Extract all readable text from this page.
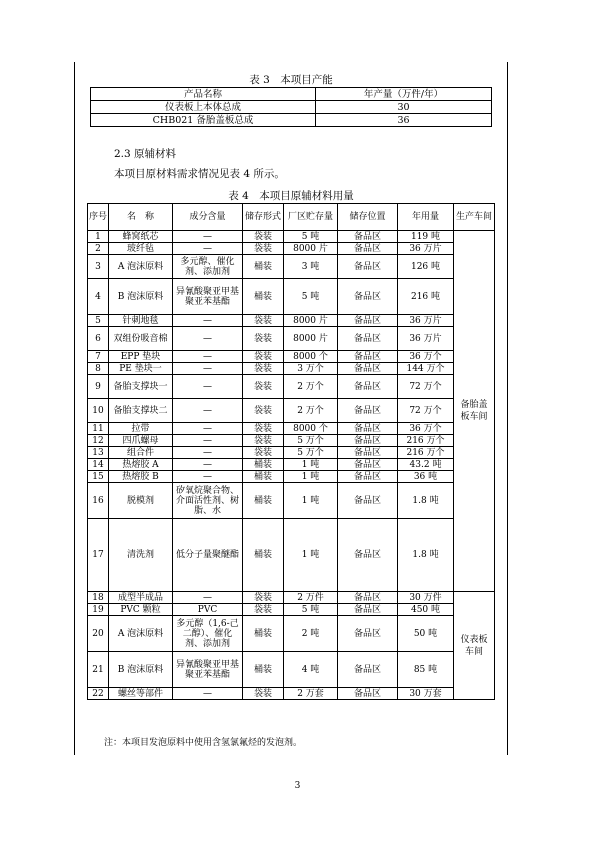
表 3　本项目产能
产品名称	年产量（万件/年）
仪表板上本体总成	30
CHB021 备胎盖板总成	36
2.3 原辅材料
本项目原材料需求情况见表 4 所示。
表 4　本项目原辅材料用量
序号	名　称	成分含量	储存形式	厂区贮存量	储存位置	年用量	生产车间	
1	蜂窝纸芯	—	袋装	5 吨	备品区	119 吨	备胎盖板车间	
2	玻纤毡	—	袋装	8000 片	备品区	36 万片		
3	A 泡沫原料	多元醇、催化剂、添加剂	桶装	3 吨	备品区	126 吨		
4	B 泡沫原料	异氰酸聚亚甲基聚亚苯基酯	桶装	5 吨	备品区	216 吨		
5	针刺地毯	—	袋装	8000 片	备品区	36 万片		
6	双组份吸音棉	—	袋装	8000 片	备品区	36 万片		
7	EPP 垫块	—	袋装	8000 个	备品区	36 万个		
8	PE 垫块一	—	袋装	3 万个	备品区	144 万个		
9	备胎支撑块一	—	袋装	2 万个	备品区	72 万个		
10	备胎支撑块二	—	袋装	2 万个	备品区	72 万个		
11	拉带	—	袋装	8000 个	备品区	36 万个		
12	四爪螺母	—	袋装	5 万个	备品区	216 万个		
13	组合件	—	袋装	5 万个	备品区	216 万个		
14	热熔胶 A	—	桶装	1 吨	备品区	43.2 吨		
15	热熔胶 B	—	桶装	1 吨	备品区	36 吨		
16	脱模剂	矽氧烷聚合物、介面活性剂、树脂、水	桶装	1 吨	备品区	1.8 吨		
17	清洗剂	低分子量聚醚酯	桶装	1 吨	备品区	1.8 吨	
18	成型半成品	—	袋装	2 万件	备品区	30 万件	仪表板车间	
19	PVC 颗粒	PVC	袋装	5 吨	备品区	450 吨		
20	A 泡沫原料	多元醇（1,6-己二醇）、催化剂、添加剂	桶装	2 吨	备品区	50 吨		
21	B 泡沫原料	异氰酸聚亚甲基聚亚苯基酯	桶装	4 吨	备品区	85 吨		
22	螺丝等部件	—	袋装	2 万套	备品区	30 万套		
注：本项目发泡原料中使用含氢氯氟烃的发泡剂。
3
